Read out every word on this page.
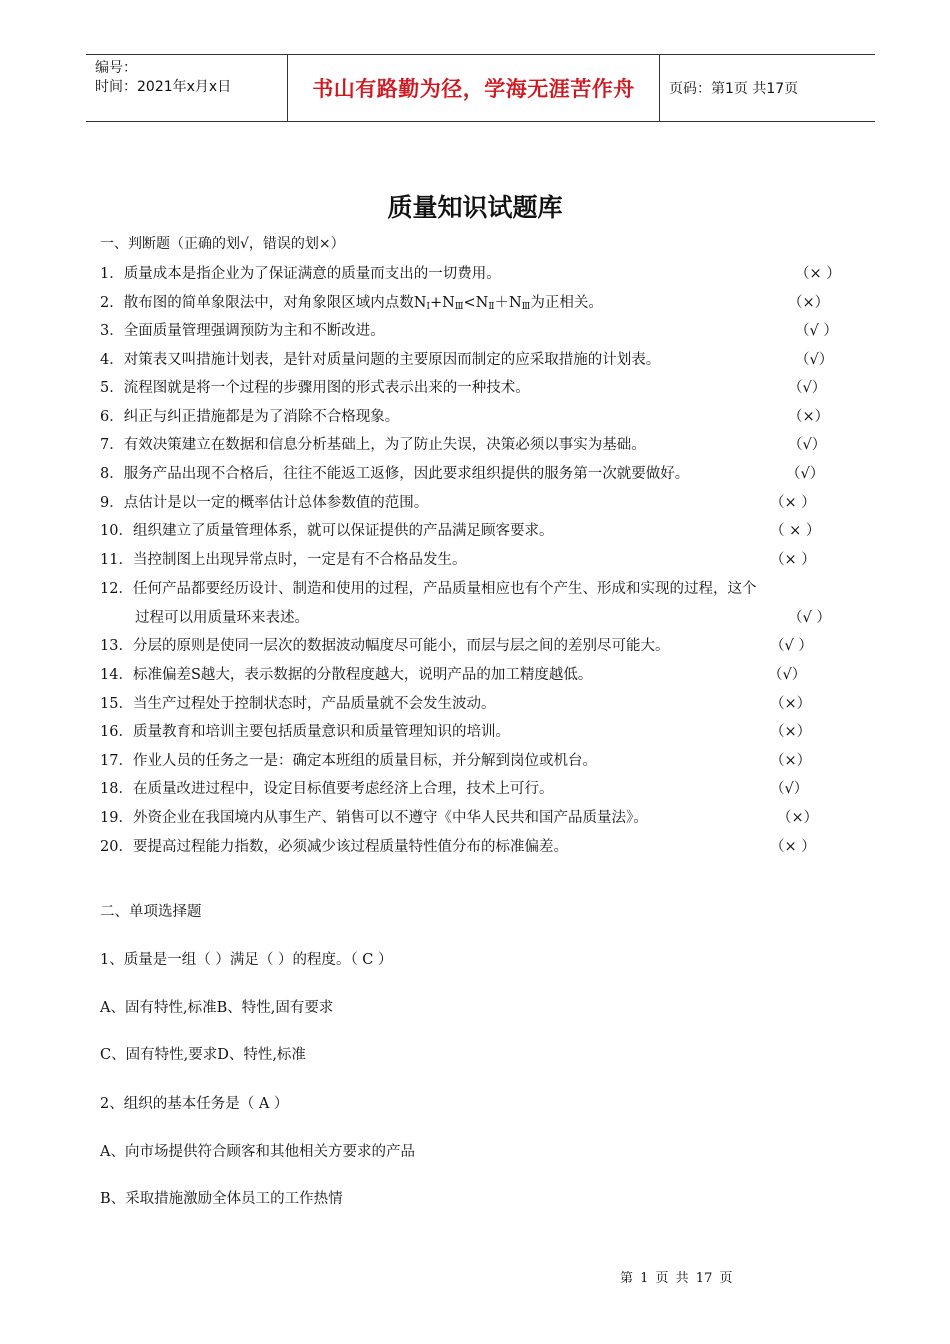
编号：
时间：2021年x月x日	书山有路勤为径，学海无涯苦作舟 页码：第1页 共17页
质量知识试题库
一、判断题（正确的划√，错误的划×）
1．质量成本是指企业为了保证满意的质量而支出的一切费用。	（× ）
2．散布图的简单象限法中，对角象限区域内点数$N_Ⅰ+N_Ⅲ<N_Ⅱ+N_Ⅲ$为正相关。	（×）
3．全面质量管理强调预防为主和不断改进。	（√ ）
4．对策表又叫措施计划表，是针对质量问题的主要原因而制定的应采取措施的计划表。	（√）
5．流程图就是将一个过程的步骤用图的形式表示出来的一种技术。	（√）
6．纠正与纠正措施都是为了消除不合格现象。	（×）
7．有效决策建立在数据和信息分析基础上，为了防止失误，决策必须以事实为基础。	（√）
8．服务产品出现不合格后，往往不能返工返修，因此要求组织提供的服务第一次就要做好。	（√）
9．点估计是以一定的概率估计总体参数值的范围。	（× ）
10．组织建立了质量管理体系，就可以保证提供的产品满足顾客要求。	（ × ）
11．当控制图上出现异常点时，一定是有不合格品发生。	（× ）
12．任何产品都要经历设计、制造和使用的过程，产品质量相应也有个产生、形成和实现的过程，这个
过程可以用质量环来表述。	（√ ）
13．分层的原则是使同一层次的数据波动幅度尽可能小，而层与层之间的差别尽可能大。	（√ ）
14．标准偏差S越大，表示数据的分散程度越大，说明产品的加工精度越低。	（√）
15．当生产过程处于控制状态时，产品质量就不会发生波动。	（×）
16．质量教育和培训主要包括质量意识和质量管理知识的培训。	（×）
17．作业人员的任务之一是：确定本班组的质量目标，并分解到岗位或机台。	（×）
18．在质量改进过程中，设定目标值要考虑经济上合理，技术上可行。	（√）
19．外资企业在我国境内从事生产、销售可以不遵守《中华人民共和国产品质量法》。	（×）
20．要提高过程能力指数，必须减少该过程质量特性值分布的标准偏差。	（× ）
二、单项选择题
1、质量是一组（ ）满足（ ）的程度。（ C ）
A、固有特性,标准B、特性,固有要求
C、固有特性,要求D、特性,标准
2、组织的基本任务是（ A ）
A、向市场提供符合顾客和其他相关方要求的产品
B、采取措施激励全体员工的工作热情
第 1 页 共 17 页
